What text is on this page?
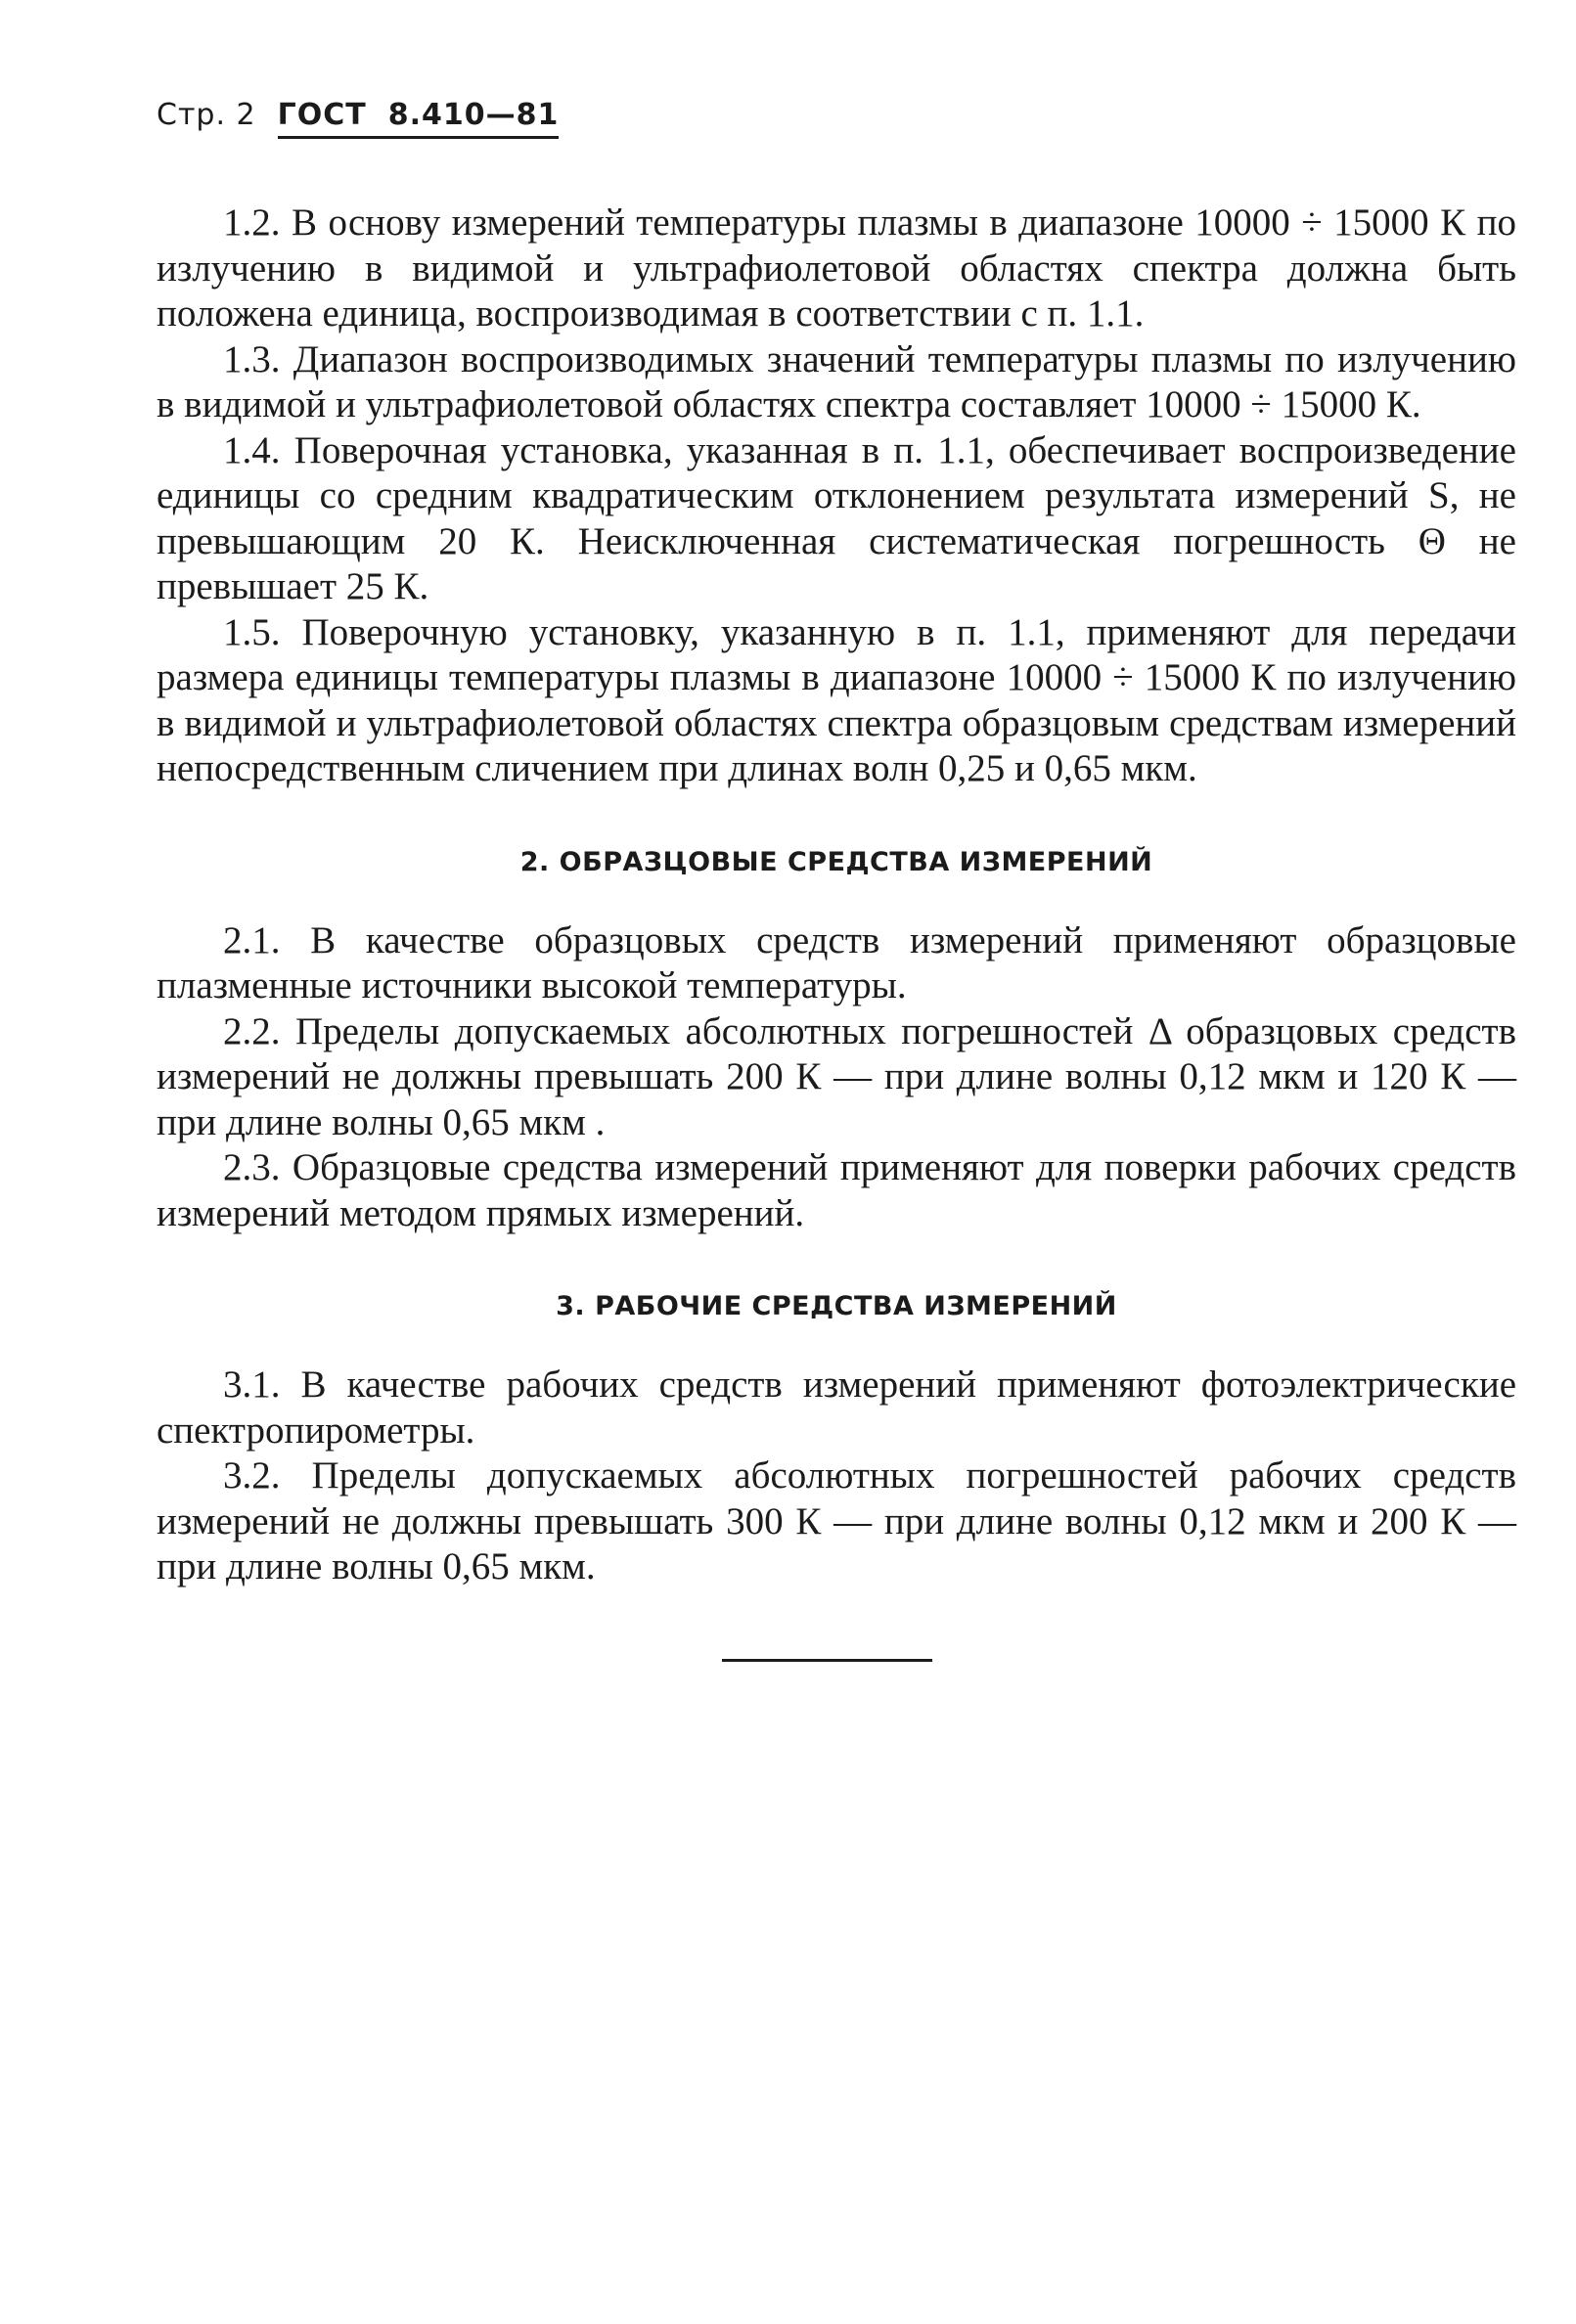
Стр. 2 ГОСТ 8.410—81

1.2. В основу измерений температуры плазмы в диапазоне 10000 ÷ 15000 К по излучению в видимой и ультрафиолетовой областях спектра должна быть положена единица, воспроизводимая в соответствии с п. 1.1.

1.3. Диапазон воспроизводимых значений температуры плазмы по излучению в видимой и ультрафиолетовой областях спектра составляет 10000 ÷ 15000 К.

1.4. Поверочная установка, указанная в п. 1.1, обеспечивает воспроизведение единицы со средним квадратическим отклонением результата измерений S, не превышающим 20 К. Неисключенная систематическая погрешность Θ не превышает 25 К.

1.5. Поверочную установку, указанную в п. 1.1, применяют для передачи размера единицы температуры плазмы в диапазоне 10000 ÷ 15000 К по излучению в видимой и ультрафиолетовой областях спектра образцовым средствам измерений непосредственным сличением при длинах волн 0,25 и 0,65 мкм.

2. ОБРАЗЦОВЫЕ СРЕДСТВА ИЗМЕРЕНИЙ

2.1. В качестве образцовых средств измерений применяют образцовые плазменные источники высокой температуры.

2.2. Пределы допускаемых абсолютных погрешностей Δ образцовых средств измерений не должны превышать 200 К — при длине волны 0,12 мкм и 120 К — при длине волны 0,65 мкм .

2.3. Образцовые средства измерений применяют для поверки рабочих средств измерений методом прямых измерений.

3. РАБОЧИЕ СРЕДСТВА ИЗМЕРЕНИЙ

3.1. В качестве рабочих средств измерений применяют фотоэлектрические спектропирометры.

3.2. Пределы допускаемых абсолютных погрешностей рабочих средств измерений не должны превышать 300 К — при длине волны 0,12 мкм и 200 К — при длине волны 0,65 мкм.
